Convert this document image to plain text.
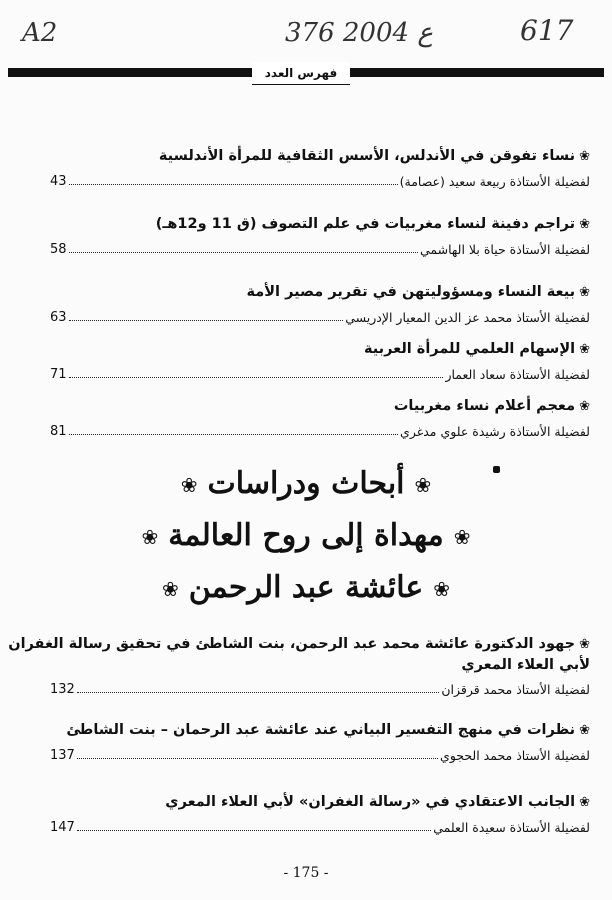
A2	376 ع 2004	617
فهرس العدد
❀نساء تفوقن في الأندلس، الأسس الثقافية للمرأة الأندلسية
لفضيلة الأستاذة ربيعة سعيد (عصامة)
43
❀تراجم دفينة لنساء مغربيات في علم التصوف (ق 11 و12هـ)
لفضيلة الأستاذة حياة بلا الهاشمي
58
❀بيعة النساء ومسؤوليتهن في تقرير مصير الأمة
لفضيلة الأستاذ محمد عز الدين المعيار الإدريسي
63
❀الإسهام العلمي للمرأة العربية
لفضيلة الأستاذة سعاد العمار
71
❀معجم أعلام نساء مغربيات
لفضيلة الأستاذة رشيدة علوي مدغري
81
❀أبحاث ودراسات❀
❀مهداة إلى روح العالمة❀
❀عائشة عبد الرحمن❀
❀جهود الدكتورة عائشة محمد عبد الرحمن، بنت الشاطئ في تحقيق رسالة الغفران
لأبي العلاء المعري
لفضيلة الأستاذ محمد قرقزان
132
❀نظرات في منهج التفسير البياني عند عائشة عبد الرحمان – بنت الشاطئ
لفضيلة الأستاذ محمد الحجوي
137
❀الجانب الاعتقادي في «رسالة الغفران» لأبي العلاء المعري
لفضيلة الأستاذة سعيدة العلمي
147
- 175 -
